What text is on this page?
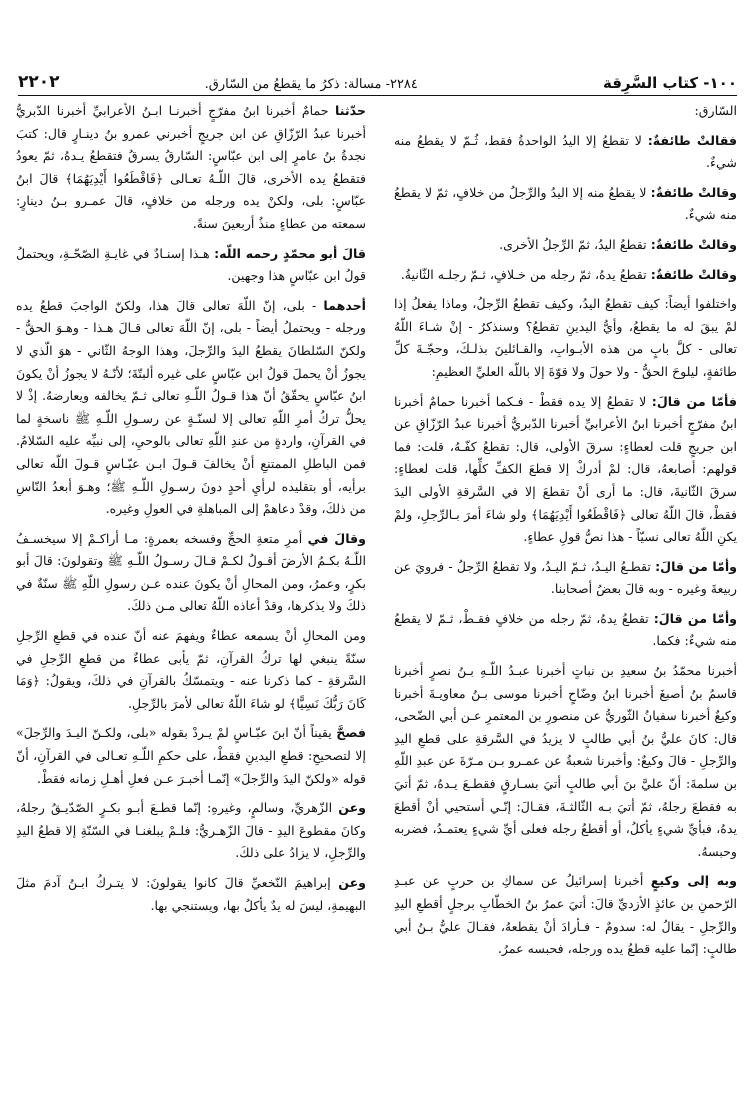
١٠٠- كتاب السَّرِقة
٢٢٨٤- مسالة: ذكرُ ما يقطعُ من السّارق.
٢٢٠٢

السّارق:

فقالتْ طائفةٌ: لا تقطعُ إلا اليدُ الواحدةُ فقط، ثُـمّ لا يقطعُ منه شيءٌ.

وقالتْ طائفةٌ: لا يقطعُ منه إلا اليدُ والرِّجلُ من خلافٍ، ثمّ لا يقطعُ منه شيءٌ.

وقالتْ طائفةٌ: تقطعُ اليدُ، ثمّ الرِّجلُ الأخرى.

وقالتْ طائفةٌ: تقطعُ يدهُ، ثمّ رجله من خـلافٍ، ثـمّ رجلـه الثّانيةُ.

واختلفوا أيضاً: كيف تقطعُ اليدُ، وكيف تقطعُ الرِّجلُ، وماذا يفعلُ إذا لمْ يبقَ له ما يقطعُ، وأيُّ اليدينِ تقطعُ؟ وسنذكرُ - إنْ شـاءَ اللّهُ تعالى - كلَّ بابٍ من هذه الأبـوابِ، والقـائلينَ بذلـكَ، وحجّـةَ كلِّ طائفةٍ، ليلوحَ الحقُّ - ولا حولَ ولا قوّةَ إلا باللّه العليِّ العظيمِ:

فأمّا من قالَ: لا تقطعُ إلا يده فقطْ - فـكما أخبرنا حمامٌ أخبرنا ابنُ مفرّجٍ أخبرنا ابنُ الأعرابيِّ أخبرنا الدّبريُّ أخبرنا عبدُ الرّزّاقِ عن ابن جريجٍ قلت لعطاءٍ: سرقَ الأولى، قال: تقطعُ كفّـهُ، قلت: فما قولهم: أصابعهُ، قال: لمْ أدركْ إلا قطعَ الكفِّ كلِّها، قلت لعطاءٍ: سرقَ الثّانيةَ، قال: ما أرى أنْ تقطعَ إلا في السَّرقةِ الأولى اليدَ فقطْ، قالَ اللّهُ تعالى ﴿فَاقْطَعُوا أَيْدِيَهُمَا﴾ ولو شاءَ أمرَ بـالرِّجلِ، ولمْ يكنِ اللّهُ تعالى نسيّاً - هذا نصُّ قولِ عطاءٍ.

وأمّا من قالَ: تقطـعُ اليـدُ، ثـمّ اليـدُ، ولا تقطعُ الرِّجلُ - فرويَ عن ربيعةَ وغيره - وبه قالَ بعضُ أصحابنا.

وأمّا من قالَ: تقطعُ يدهُ، ثمّ رجله من خلافٍ فقـطْ، ثـمّ لا يقطعُ منه شيءٌ: فكما.

أخبرنا محمّدُ بنُ سعيدِ بن نباتٍ أخبرنا عبـدُ اللّـهِ بـنُ نصرٍ أخبرنا قاسمُ بنُ أصبغَ أخبرنا ابنُ وضّاحٍ أخبرنا موسى بـنُ معاويـةَ أخبرنا وكيعٌ أخبرنا سفيانُ الثّوريُّ عن منصورِ بن المعتمرِ عـن أبي الضّحى، قال: كانَ عليُّ بنُ أبي طالبٍ لا يزيدُ في السَّرقةِ على قطعِ اليدِ والرِّجلِ - قالَ وكيعٌ: وأخبرنا شعبةُ عن عمـرو بـن مـرّةَ عن عبدِ اللّهِ بن سلمةَ: أنّ عليَّ بنَ أبي طالبٍ أتيَ بسـارقٍ فقطـعَ يـدهُ، ثمّ أتيَ به فقطعَ رجلهُ، ثمّ أتيَ بـه الثّالثـةَ، فقـالَ: إنّـي أستحيي أنْ أقطعَ يدهُ، فبأيِّ شيءٍ يأكلُ، أو أقطعُ رجله فعلى أيِّ شيءٍ يعتمـدُ، فضربه وحبسهُ.

وبه إلى وكيعٍ أخبرنا إسرائيلُ عن سماكِ بن حربٍ عن عبـدِ الرّحمنِ بن عائذٍ الأزديِّ قالَ: أتيَ عمرُ بنُ الخطّابِ برجلٍ أقطعِ اليدِ والرِّجلِ - يقالُ له: سدومٌ - فـأرادَ أنْ يقطعهُ، فقـالَ عليُّ بـنُ أبي طالبٍ: إنّما عليه قطعُ يده ورجله، فحبسه عمرُ.

حدّثنا حمامٌ أخبرنا ابنُ مفرّجٍ أخبرنـا ابـنُ الأعرابيِّ أخبرنا الدّبريُّ أخبرنا عبدُ الرّزّاقِ عن ابن جريجٍ أخبرني عمرو بنُ دينـارٍ قال: كتبَ نجدةُ بنُ عامرٍ إلى ابن عبّاسٍ: السّارقُ يسرقُ فتقطعُ يـدهُ، ثمّ يعودُ فتقطعُ يده الأخرى، قالَ اللّـهُ تعـالى ﴿فَاقْطَعُوا أَيْدِيَهُمَا﴾ قالَ ابنُ عبّاسٍ: بلى، ولكنْ يده ورجله من خلافٍ، قالَ عمـرو بـنُ دينارٍ: سمعته من عطاءٍ منذُ أربعينَ سنةً.

قالَ أبو محمّدٍ رحمه اللّه: هـذا إسنـادٌ في غايـةِ الصّحّـةِ، ويحتملُ قولُ ابن عبّاسٍ هذا وجهين.

أحدهما - بلى، إنّ اللّهَ تعالى قالَ هذا، ولكنّ الواجبَ قطعُ يده ورجله - ويحتملُ أيضاً - بلى، إنّ اللّهَ تعالى قـالَ هـذا - وهـوَ الحقُّ - ولكنّ السّلطانَ يقطعُ اليدَ والرِّجلَ، وهذا الوجهُ الثّاني - هوَ الّذي لا يجوزُ أنْ يحملَ قولُ ابن عبّاسٍ على غيره ألبتّةَ؛ لأنّـهُ لا يجوزُ أنْ يكونَ ابنُ عبّاسٍ يحقّقُ أنّ هذا قـولُ اللّـهِ تعالى ثـمّ يخالفه ويعارضهُ. إذْ لا يحلُّ تركُ أمرِ اللّهِ تعالى إلا لسنّـةٍ عن رسـولِ اللّـهِ ﷺ ناسخةٍ لما في القرآنِ، واردةٍ من عندِ اللّهِ تعالى بالوحيِ، إلى نبيِّه عليه السّلامُ. فمن الباطلِ الممتنعِ أنْ يخالفَ قـولَ ابـن عبّـاسٍ قـولَ اللّه تعالى برأيه، أو بتقليده لرأيِ أحدٍ دونَ رسـولِ اللّـهِ ﷺ؛ وهـوَ أبعدُ النّاسِ من ذلكَ، وقدْ دعاهمْ إلى المباهلةِ في العولِ وغيره.

وقالَ في أمرِ متعةِ الحجِّ وفسخه بعمرةٍ: مـا أراكـمْ إلا سيخسـفُ اللّـهُ بكـمُ الأرضَ أقـولُ لكـمْ قـالَ رسـولُ اللّـهِ ﷺ وتقولونَ: قالَ أبو بكرٍ، وعمرُ، ومن المحالِ أنْ يكونَ عنده عـن رسولِ اللّهِ ﷺ سنّةٌ في ذلكَ ولا يذكرها، وقدْ أعاذه اللّهُ تعالى مـن ذلكَ.

ومن المحالِ أنْ يسمعه عطاءٌ ويفهمَ عنه أنّ عنده في قطعِ الرِّجلِ سنّةً ينبغي لها تركُ القرآنِ، ثمّ يأبى عطاءٌ من قطعِ الرِّجلِ في السَّرقةِ - كما ذكرنا عنه - ويتمسّكُ بالقرآنِ في ذلكَ، ويقولُ: ﴿وَمَا كَانَ رَبُّكَ نَسِيًّا﴾ لو شاءَ اللّهُ تعالى لأمرَ بالرِّجلِ.

فصحَّ يقيناً أنّ ابنَ عبّـاسٍ لمْ يـردْ بقوله «بلى، ولكـنّ اليـدَ والرِّجلَ» إلا لتصحيحِ: قطعِ اليدينِ فقطْ، على حكمِ اللّـهِ تعـالى في القرآنِ، أنّ قوله «ولكنّ اليدَ والرِّجلَ» إنّمـا أخبـرَ عـن فعلِ أهـلِ زمانه فقطْ.

وعن الزّهريِّ، وسالمٍ، وغيرهِ: إنّما قطـعَ أبـو بكـرٍ الصّدّيـقُ رجلهُ، وكانَ مقطوعَ اليدِ - قالَ الزّهـريُّ: فلـمْ يبلغنـا في السّنّةِ إلا قطعُ اليدِ والرِّجلِ، لا يزادُ على ذلكَ.

وعن إبراهيمَ النّخعيِّ قالَ كانوا يقولونَ: لا يتـركُ ابـنُ آدمَ مثلَ البهيمةِ، ليسَ له يدٌ يأكلُ بها، ويستنجي بها.
